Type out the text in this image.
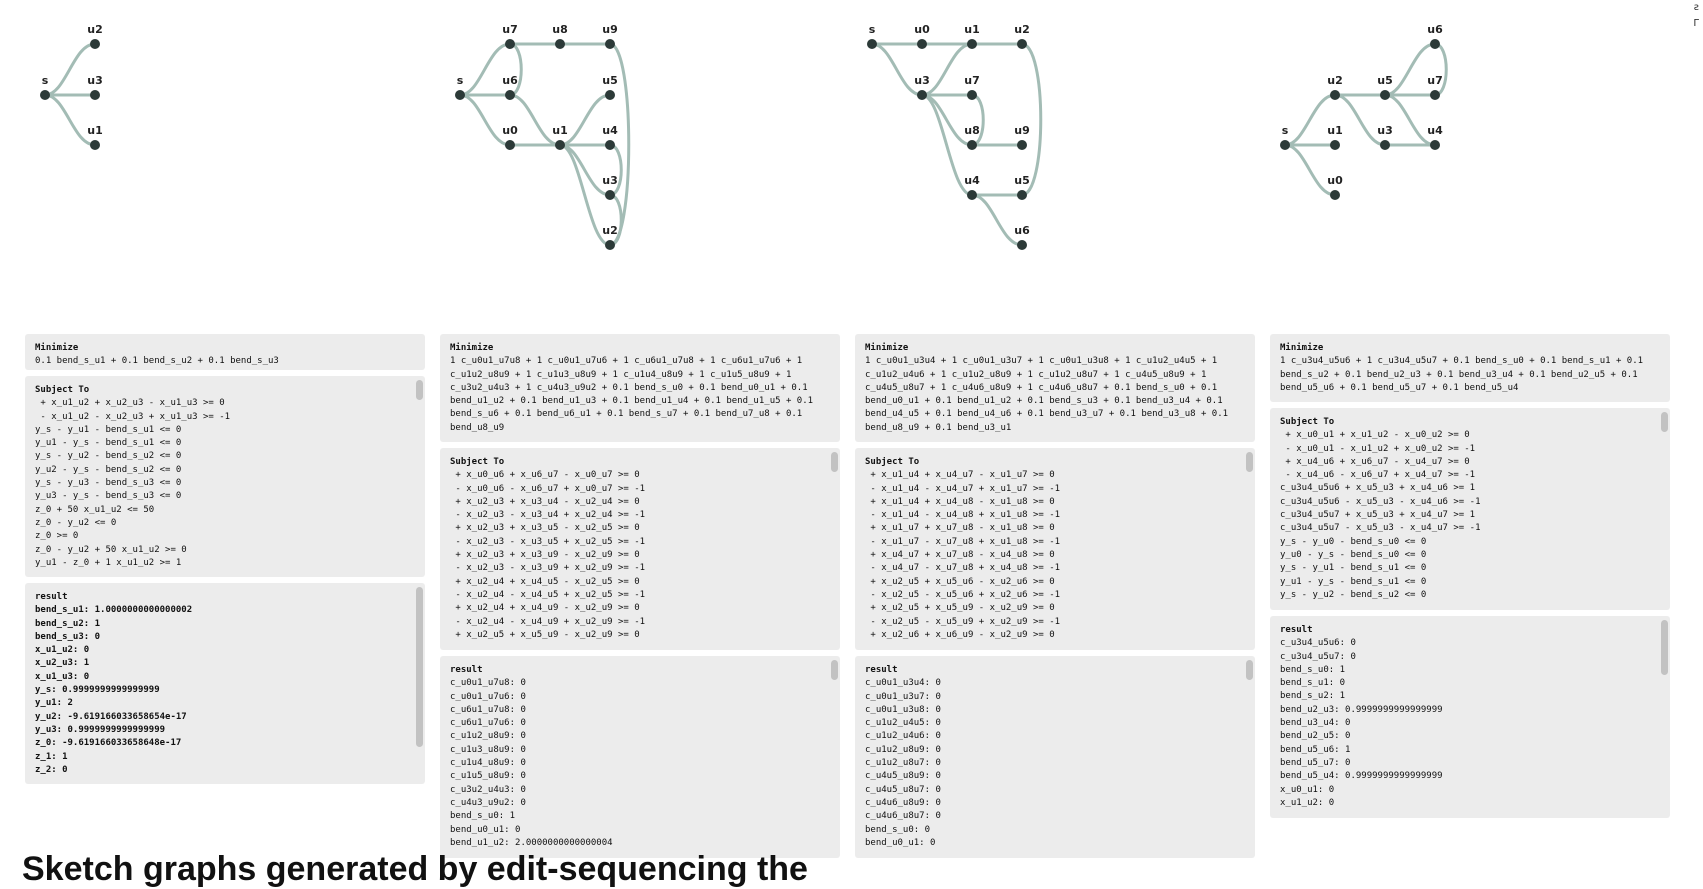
s
u2
u3
u1
s
u7	u8	u9
u6	u5
u0	u1	u4
u3
u2
s	u0	u1	u2
u3	u7
u8	u9
u4	u5
u6
s
u6
u2	u5	u7
u1	u3	u4
u0
ƨ
Γ
Minimize
0.1 bend_s_u1 + 0.1 bend_s_u2 + 0.1 bend_s_u3
Subject To
+ x_u1_u2 + x_u2_u3 - x_u1_u3 >= 0
- x_u1_u2 - x_u2_u3 + x_u1_u3 >= -1
y_s - y_u1 - bend_s_u1 <= 0
y_u1 - y_s - bend_s_u1 <= 0
y_s - y_u2 - bend_s_u2 <= 0
y_u2 - y_s - bend_s_u2 <= 0
y_s - y_u3 - bend_s_u3 <= 0
y_u3 - y_s - bend_s_u3 <= 0
z_0 + 50 x_u1_u2 <= 50
z_0 - y_u2 <= 0
z_0 >= 0
z_0 - y_u2 + 50 x_u1_u2 >= 0
y_u1 - z_0 + 1 x_u1_u2 >= 1
result
bend_s_u1: 1.0000000000000002
bend_s_u2: 1
bend_s_u3: 0
x_u1_u2: 0
x_u2_u3: 1
x_u1_u3: 0
y_s: 0.9999999999999999
y_u1: 2
y_u2: -9.619166033658654e-17
y_u3: 0.9999999999999999
z_0: -9.619166033658648e-17
z_1: 1
z_2: 0
Minimize
1 c_u0u1_u7u8 + 1 c_u0u1_u7u6 + 1 c_u6u1_u7u8 + 1 c_u6u1_u7u6 + 1
c_u1u2_u8u9 + 1 c_u1u3_u8u9 + 1 c_u1u4_u8u9 + 1 c_u1u5_u8u9 + 1
c_u3u2_u4u3 + 1 c_u4u3_u9u2 + 0.1 bend_s_u0 + 0.1 bend_u0_u1 + 0.1
bend_u1_u2 + 0.1 bend_u1_u3 + 0.1 bend_u1_u4 + 0.1 bend_u1_u5 + 0.1
bend_s_u6 + 0.1 bend_u6_u1 + 0.1 bend_s_u7 + 0.1 bend_u7_u8 + 0.1
bend_u8_u9
Subject To
+ x_u0_u6 + x_u6_u7 - x_u0_u7 >= 0
- x_u0_u6 - x_u6_u7 + x_u0_u7 >= -1
+ x_u2_u3 + x_u3_u4 - x_u2_u4 >= 0
- x_u2_u3 - x_u3_u4 + x_u2_u4 >= -1
+ x_u2_u3 + x_u3_u5 - x_u2_u5 >= 0
- x_u2_u3 - x_u3_u5 + x_u2_u5 >= -1
+ x_u2_u3 + x_u3_u9 - x_u2_u9 >= 0
- x_u2_u3 - x_u3_u9 + x_u2_u9 >= -1
+ x_u2_u4 + x_u4_u5 - x_u2_u5 >= 0
- x_u2_u4 - x_u4_u5 + x_u2_u5 >= -1
+ x_u2_u4 + x_u4_u9 - x_u2_u9 >= 0
- x_u2_u4 - x_u4_u9 + x_u2_u9 >= -1
+ x_u2_u5 + x_u5_u9 - x_u2_u9 >= 0
result
c_u0u1_u7u8: 0
c_u0u1_u7u6: 0
c_u6u1_u7u8: 0
c_u6u1_u7u6: 0
c_u1u2_u8u9: 0
c_u1u3_u8u9: 0
c_u1u4_u8u9: 0
c_u1u5_u8u9: 0
c_u3u2_u4u3: 0
c_u4u3_u9u2: 0
bend_s_u0: 1
bend_u0_u1: 0
bend_u1_u2: 2.0000000000000004
Minimize
1 c_u0u1_u3u4 + 1 c_u0u1_u3u7 + 1 c_u0u1_u3u8 + 1 c_u1u2_u4u5 + 1
c_u1u2_u4u6 + 1 c_u1u2_u8u9 + 1 c_u1u2_u8u7 + 1 c_u4u5_u8u9 + 1
c_u4u5_u8u7 + 1 c_u4u6_u8u9 + 1 c_u4u6_u8u7 + 0.1 bend_s_u0 + 0.1
bend_u0_u1 + 0.1 bend_u1_u2 + 0.1 bend_s_u3 + 0.1 bend_u3_u4 + 0.1
bend_u4_u5 + 0.1 bend_u4_u6 + 0.1 bend_u3_u7 + 0.1 bend_u3_u8 + 0.1
bend_u8_u9 + 0.1 bend_u3_u1
Subject To
+ x_u1_u4 + x_u4_u7 - x_u1_u7 >= 0
- x_u1_u4 - x_u4_u7 + x_u1_u7 >= -1
+ x_u1_u4 + x_u4_u8 - x_u1_u8 >= 0
- x_u1_u4 - x_u4_u8 + x_u1_u8 >= -1
+ x_u1_u7 + x_u7_u8 - x_u1_u8 >= 0
- x_u1_u7 - x_u7_u8 + x_u1_u8 >= -1
+ x_u4_u7 + x_u7_u8 - x_u4_u8 >= 0
- x_u4_u7 - x_u7_u8 + x_u4_u8 >= -1
+ x_u2_u5 + x_u5_u6 - x_u2_u6 >= 0
- x_u2_u5 - x_u5_u6 + x_u2_u6 >= -1
+ x_u2_u5 + x_u5_u9 - x_u2_u9 >= 0
- x_u2_u5 - x_u5_u9 + x_u2_u9 >= -1
+ x_u2_u6 + x_u6_u9 - x_u2_u9 >= 0
result
c_u0u1_u3u4: 0
c_u0u1_u3u7: 0
c_u0u1_u3u8: 0
c_u1u2_u4u5: 0
c_u1u2_u4u6: 0
c_u1u2_u8u9: 0
c_u1u2_u8u7: 0
c_u4u5_u8u9: 0
c_u4u5_u8u7: 0
c_u4u6_u8u9: 0
c_u4u6_u8u7: 0
bend_s_u0: 0
bend_u0_u1: 0
Minimize
1 c_u3u4_u5u6 + 1 c_u3u4_u5u7 + 0.1 bend_s_u0 + 0.1 bend_s_u1 + 0.1
bend_s_u2 + 0.1 bend_u2_u3 + 0.1 bend_u3_u4 + 0.1 bend_u2_u5 + 0.1
bend_u5_u6 + 0.1 bend_u5_u7 + 0.1 bend_u5_u4
Subject To
+ x_u0_u1 + x_u1_u2 - x_u0_u2 >= 0
- x_u0_u1 - x_u1_u2 + x_u0_u2 >= -1
+ x_u4_u6 + x_u6_u7 - x_u4_u7 >= 0
- x_u4_u6 - x_u6_u7 + x_u4_u7 >= -1
c_u3u4_u5u6 + x_u5_u3 + x_u4_u6 >= 1
c_u3u4_u5u6 - x_u5_u3 - x_u4_u6 >= -1
c_u3u4_u5u7 + x_u5_u3 + x_u4_u7 >= 1
c_u3u4_u5u7 - x_u5_u3 - x_u4_u7 >= -1
y_s - y_u0 - bend_s_u0 <= 0
y_u0 - y_s - bend_s_u0 <= 0
y_s - y_u1 - bend_s_u1 <= 0
y_u1 - y_s - bend_s_u1 <= 0
y_s - y_u2 - bend_s_u2 <= 0
result
c_u3u4_u5u6: 0
c_u3u4_u5u7: 0
bend_s_u0: 1
bend_s_u1: 0
bend_s_u2: 1
bend_u2_u3: 0.9999999999999999
bend_u3_u4: 0
bend_u2_u5: 0
bend_u5_u6: 1
bend_u5_u7: 0
bend_u5_u4: 0.9999999999999999
x_u0_u1: 0
x_u1_u2: 0
Sketch graphs generated by edit-sequencing the
